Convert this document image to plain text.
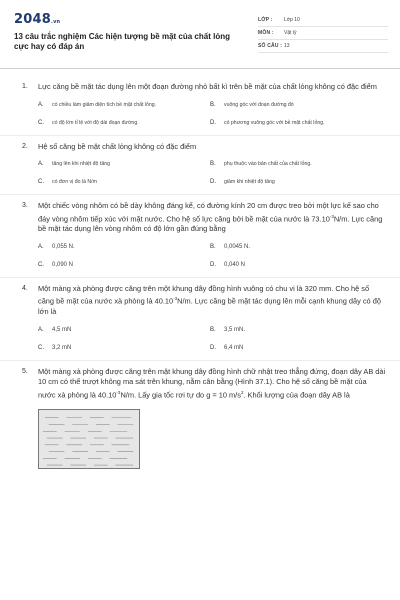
2048.vn
13 câu trắc nghiệm Các hiện tượng bề mặt của chất lỏng cực hay có đáp án
LỚP : Lớp 10
MÔN : Vật lý
SỐ CÂU : 13
1. Lực căng bề mặt tác dụng lên một đoạn đường nhỏ bất kì trên bề mặt của chất lỏng không có đặc điểm
A. có chiều làm giảm diện tích bề mặt chất lỏng.	B. vuông góc với đoạn đường đó
C. có độ lớn tỉ lệ với độ dài đoạn đường.	D. có phương vuông góc với bề mặt chất lỏng.
2. Hệ số căng bề mặt chất lỏng không có đặc điểm
A. tăng lên khi nhiệt độ tăng	B. phụ thuộc vào bản chất của chất lỏng.
C. có đơn vị đo là N/m	D. giảm khi nhiệt độ tăng
3. Một chiếc vòng nhôm có bề dày không đáng kể, có đường kính 20 cm được treo bởi một lực kế sao cho đáy vòng nhôm tiếp xúc với mặt nước. Cho hệ số lực căng bởi bề mặt của nước là $73.10^{-3}N/m$. Lực căng bề mặt tác dụng lên vòng nhôm có độ lớn gần đúng bằng
A. 0,055 N.	B. 0,0045 N.
C. 0,090 N	D. 0,040 N
4. Một màng xà phòng được căng trên một khung dây đồng hình vuông có chu vi là 320 mm. Cho hệ số căng bề mặt của nước xà phòng là $40.10^{-3}N/m$. Lực căng bề mặt tác dụng lên mỗi cạnh khung dây có độ lớn là
A. 4,5 mN	B. 3,5 mN.
C. 3,2 mN	D. 6,4 mN
5. Một màng xà phòng được căng trên mặt khung dây đồng hình chữ nhật treo thẳng đứng, đoạn dây AB dài 10 cm có thể trượt không ma sát trên khung, nằm cân bằng (Hình 37.1). Cho hệ số căng bề mặt của nước xà phòng là $40.10^{-3}N/m$. Lấy gia tốc rơi tự do g = 10 $m/s^2$. Khối lượng của đoạn dây AB là
